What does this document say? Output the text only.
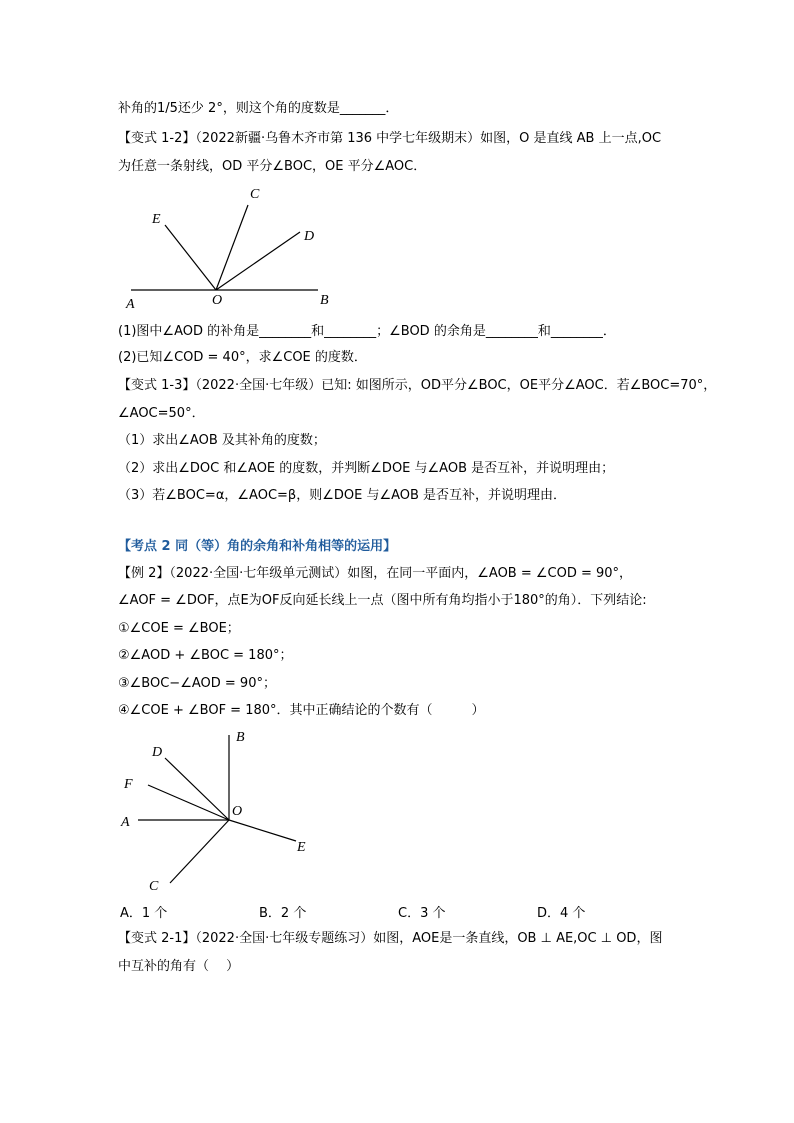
补角的1/5还少 2°，则这个角的度数是_______．
【变式 1-2】（2022新疆·乌鲁木齐市第 136 中学七年级期末）如图，O 是直线 AB 上一点,OC
为任意一条射线，OD 平分∠BOC，OE 平分∠AOC．
A	O	B
C
D
E
(1)图中∠AOD 的补角是________和________；∠BOD 的余角是________和________．
(2)已知∠COD = 40°，求∠COE 的度数．
【变式 1-3】（2022·全国·七年级）已知: 如图所示，OD平分∠BOC，OE平分∠AOC．若∠BOC=70°，
∠AOC=50°．
（1）求出∠AOB 及其补角的度数；
（2）求出∠DOC 和∠AOE 的度数，并判断∠DOE 与∠AOB 是否互补，并说明理由；
（3）若∠BOC=α，∠AOC=β，则∠DOE 与∠AOB 是否互补，并说明理由．
【考点 2 同（等）角的余角和补角相等的运用】
【例 2】（2022·全国·七年级单元测试）如图，在同一平面内，∠AOB = ∠COD = 90°，
∠AOF = ∠DOF，点E为OF反向延长线上一点（图中所有角均指小于180°的角）．下列结论:
①∠COE = ∠BOE；
②∠AOD + ∠BOC = 180°；
③∠BOC−∠AOD = 90°；
④∠COE + ∠BOF = 180°．其中正确结论的个数有（　　　）
B
D
F
O
A
E
C
A．1 个	B．2 个	C．3 个	D．4 个
【变式 2-1】（2022·全国·七年级专题练习）如图，AOE是一条直线，OB ⊥ AE,OC ⊥ OD，图
中互补的角有（　 ）
